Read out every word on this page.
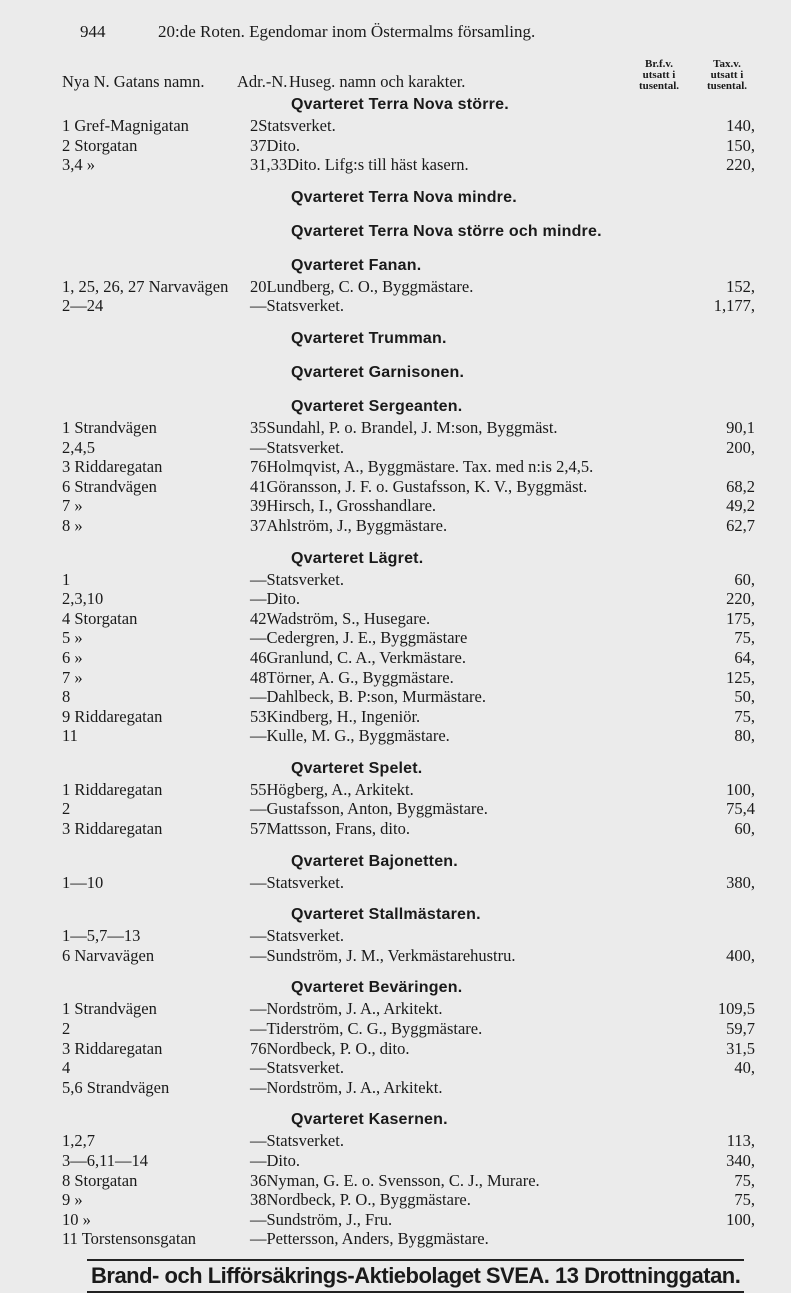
944	20:de Roten. Egendomar inom Östermalms församling.
Nya N. Gatans namn.	Adr.-N. Huseg. namn och karakter.
Br.f.v. utsatt i tusental.
Tax.v. utsatt i tusental.
Qvarteret Terra Nova större.
1 Gref-Magnigatan	2 Statsverket.	140,
2 Storgatan	37 Dito.	150,
3,4 »	31,33 Dito. Lifg:s till häst kasern.	220,
Qvarteret Terra Nova mindre.
Qvarteret Terra Nova större och mindre.
Qvarteret Fanan.
1, 25, 26, 27 Narvavägen	20 Lundberg, C. O., Byggmästare.	152,
2—24	— Statsverket.	1,177,
Qvarteret Trumman.
Qvarteret Garnisonen.
Qvarteret Sergeanten.
1 Strandvägen	35 Sundahl, P. o. Brandel, J. M:son, Byggmäst.	90,1
2,4,5	— Statsverket.	200,
3 Riddaregatan	76 Holmqvist, A., Byggmästare. Tax. med n:is 2,4,5.
6 Strandvägen	41 Göransson, J. F. o. Gustafsson, K. V., Byggmäst.	68,2
7 »	39 Hirsch, I., Grosshandlare.	49,2
8 »	37 Ahlström, J., Byggmästare.	62,7
Qvarteret Lägret.
1	— Statsverket.	60,
2,3,10	— Dito.	220,
4 Storgatan	42 Wadström, S., Husegare.	175,
5 »	— Cedergren, J. E., Byggmästare	75,
6 »	46 Granlund, C. A., Verkmästare.	64,
7 »	48 Törner, A. G., Byggmästare.	125,
8	— Dahlbeck, B. P:son, Murmästare.	50,
9 Riddaregatan	53 Kindberg, H., Ingeniör.	75,
11	— Kulle, M. G., Byggmästare.	80,
Qvarteret Spelet.
1 Riddaregatan	55 Högberg, A., Arkitekt.	100,
2	— Gustafsson, Anton, Byggmästare.	75,4
3 Riddaregatan	57 Mattsson, Frans, dito.	60,
Qvarteret Bajonetten.
1—10	— Statsverket.	380,
Qvarteret Stallmästaren.
1—5,7—13	— Statsverket.
6 Narvavägen	— Sundström, J. M., Verkmästarehustru.	400,
Qvarteret Beväringen.
1 Strandvägen	— Nordström, J. A., Arkitekt.	109,5
2	— Tiderström, C. G., Byggmästare.	59,7
3 Riddaregatan	76 Nordbeck, P. O., dito.	31,5
4	— Statsverket.	40,
5,6 Strandvägen	— Nordström, J. A., Arkitekt.
Qvarteret Kasernen.
1,2,7	— Statsverket.	113,
3—6,11—14	— Dito.	340,
8 Storgatan	36 Nyman, G. E. o. Svensson, C. J., Murare.	75,
9 »	38 Nordbeck, P. O., Byggmästare.	75,
10 »	— Sundström, J., Fru.	100,
11 Torstensonsgatan	— Pettersson, Anders, Byggmästare.
Brand- och Lifförsäkrings-Aktiebolaget SVEA. 13 Drottninggatan.
